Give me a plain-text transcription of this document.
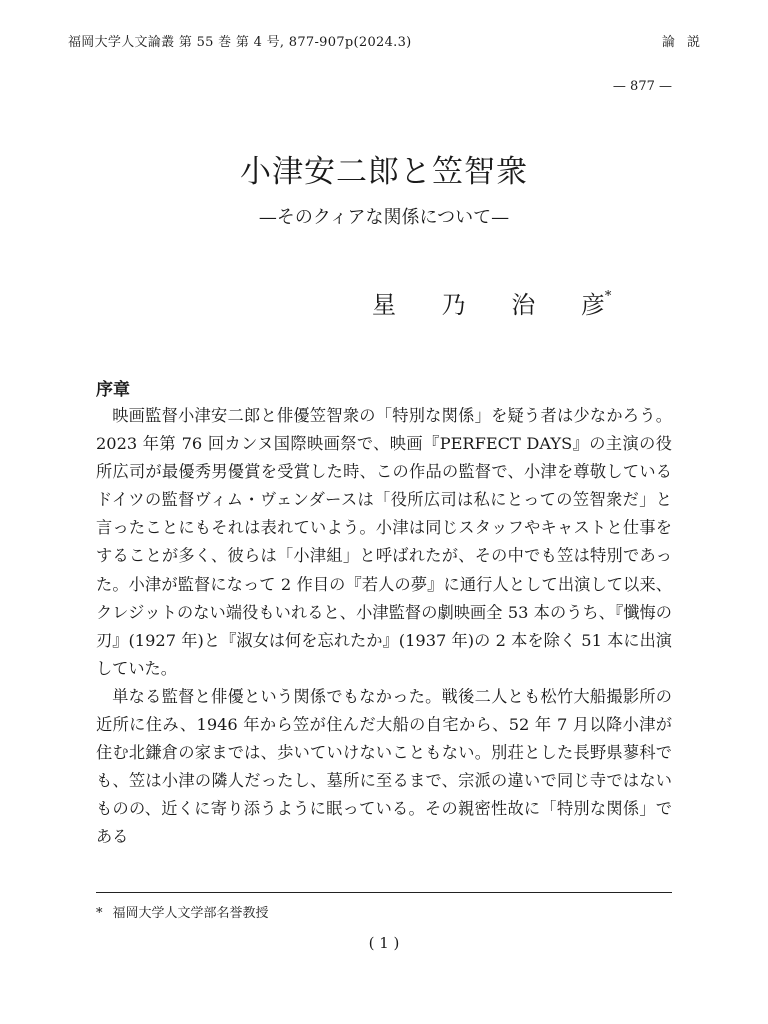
福岡大学人文論叢 第 55 巻 第 4 号, 877-907p(2024.3)	論 説
— 877 —
小津安二郎と笠智衆
—そのクィアな関係について—
星 乃 治 彦*
序章

映画監督小津安二郎と俳優笠智衆の「特別な関係」を疑う者は少なかろう。2023 年第 76 回カンヌ国際映画祭で、映画『PERFECT DAYS』の主演の役所広司が最優秀男優賞を受賞した時、この作品の監督で、小津を尊敬しているドイツの監督ヴィム・ヴェンダースは「役所広司は私にとっての笠智衆だ」と言ったことにもそれは表れていよう。小津は同じスタッフやキャストと仕事をすることが多く、彼らは「小津組」と呼ばれたが、その中でも笠は特別であった。小津が監督になって 2 作目の『若人の夢』に通行人として出演して以来、クレジットのない端役もいれると、小津監督の劇映画全 53 本のうち、『懺悔の刃』(1927 年)と『淑女は何を忘れたか』(1937 年)の 2 本を除く 51 本に出演していた。

単なる監督と俳優という関係でもなかった。戦後二人とも松竹大船撮影所の近所に住み、1946 年から笠が住んだ大船の自宅から、52 年 7 月以降小津が住む北鎌倉の家までは、歩いていけないこともない。別荘とした長野県蓼科でも、笠は小津の隣人だったし、墓所に至るまで、宗派の違いで同じ寺ではないものの、近くに寄り添うように眠っている。その親密性故に「特別な関係」である

* 福岡大学人文学部名誉教授
( 1 )
